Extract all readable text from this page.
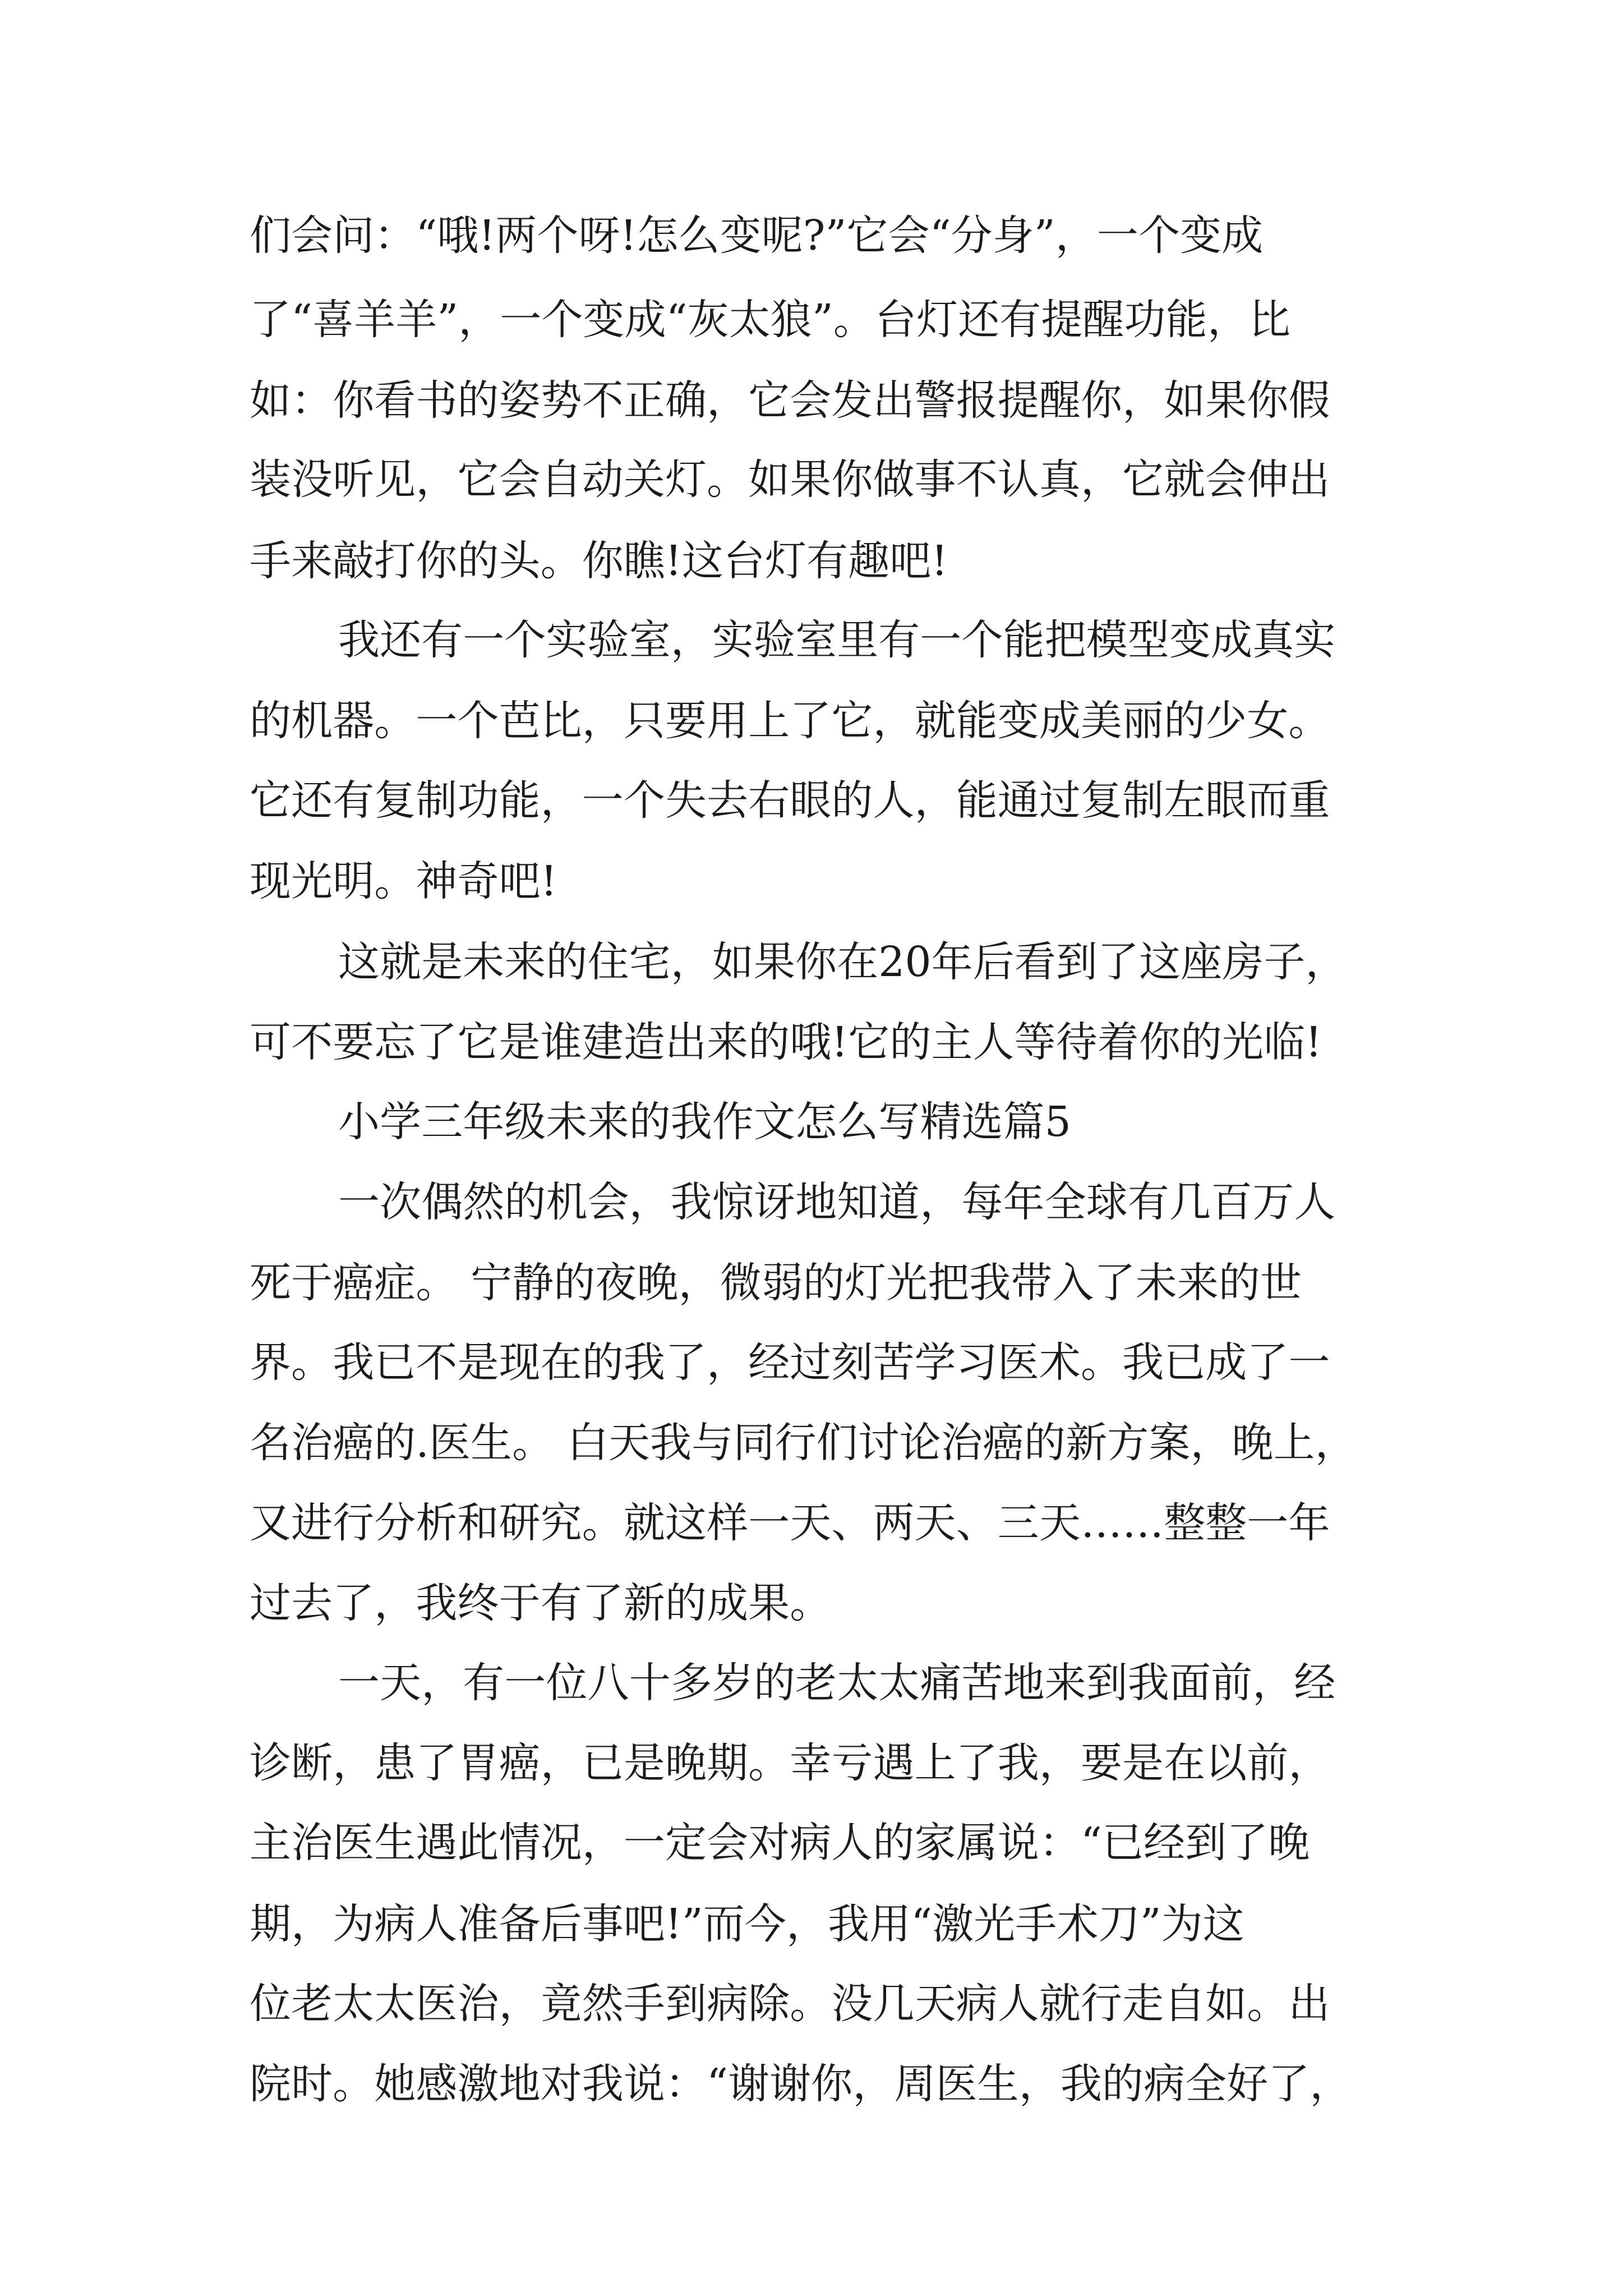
们会问：“哦!两个呀!怎么变呢?”它会“分身”，一个变成
了“喜羊羊”，一个变成“灰太狼”。台灯还有提醒功能，比
如：你看书的姿势不正确，它会发出警报提醒你，如果你假
装没听见，它会自动关灯。如果你做事不认真，它就会伸出
手来敲打你的头。你瞧!这台灯有趣吧!
我还有一个实验室，实验室里有一个能把模型变成真实
的机器。一个芭比，只要用上了它，就能变成美丽的少女。
它还有复制功能，一个失去右眼的人，能通过复制左眼而重
现光明。神奇吧!
这就是未来的住宅，如果你在20年后看到了这座房子，
可不要忘了它是谁建造出来的哦!它的主人等待着你的光临!
小学三年级未来的我作文怎么写精选篇5
一次偶然的机会，我惊讶地知道，每年全球有几百万人
死于癌症。 宁静的夜晚，微弱的灯光把我带入了未来的世
界。我已不是现在的我了，经过刻苦学习医术。我已成了一
名治癌的.医生。 白天我与同行们讨论治癌的新方案，晚上，
又进行分析和研究。就这样一天、两天、三天……整整一年
过去了，我终于有了新的成果。
一天，有一位八十多岁的老太太痛苦地来到我面前，经
诊断，患了胃癌，已是晚期。幸亏遇上了我，要是在以前，
主治医生遇此情况，一定会对病人的家属说：“已经到了晚
期，为病人准备后事吧!”而今，我用“激光手术刀”为这
位老太太医治，竟然手到病除。没几天病人就行走自如。出
院时。她感激地对我说：“谢谢你，周医生，我的病全好了，
